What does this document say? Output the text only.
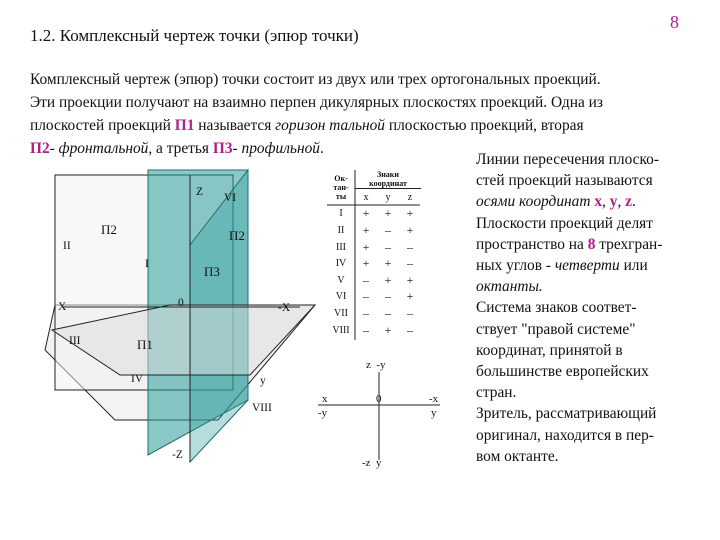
8
1.2. Комплексный чертеж точки (эпюр точки)
Комплексный чертеж (эпюр) точки состоит из двух или трех ортогональных проекций.
Эти проекции получают на взаимно перпен дикулярных плоскостях проекций. Одна из
плоскостей проекций П1 называется горизон тальной плоскостью проекций, вторая
П2- фронтальной, а третья П3- профильной.
Линии пересечения плоско-
стей проекций называются
осями координат x, y, z.
Плоскости проекций делят
пространство на 8 трехгран-
ных углов - четверти или
октанты.
Система знаков соответ-
ствует "правой системе"
координат, принятой в
большинстве европейских
стран.
Зритель, рассматривающий
оригинал, находится в пер-
вом октанте.
Z VI
П2	П2
II
I	П3
X	0	-X
III	П1
IV	y
VIII
-Z
Ок-
тан-
ты	Знаки
координат		
	x	y	z
I	+	+	+
II	+	–	+
III	+	–	–
IV	+	+	–
V	–	+	+
VI	–	–	+
VII	–	–	–
VIII	–	+	–
z  -y
x
-y
0	-x
y
-z  y
